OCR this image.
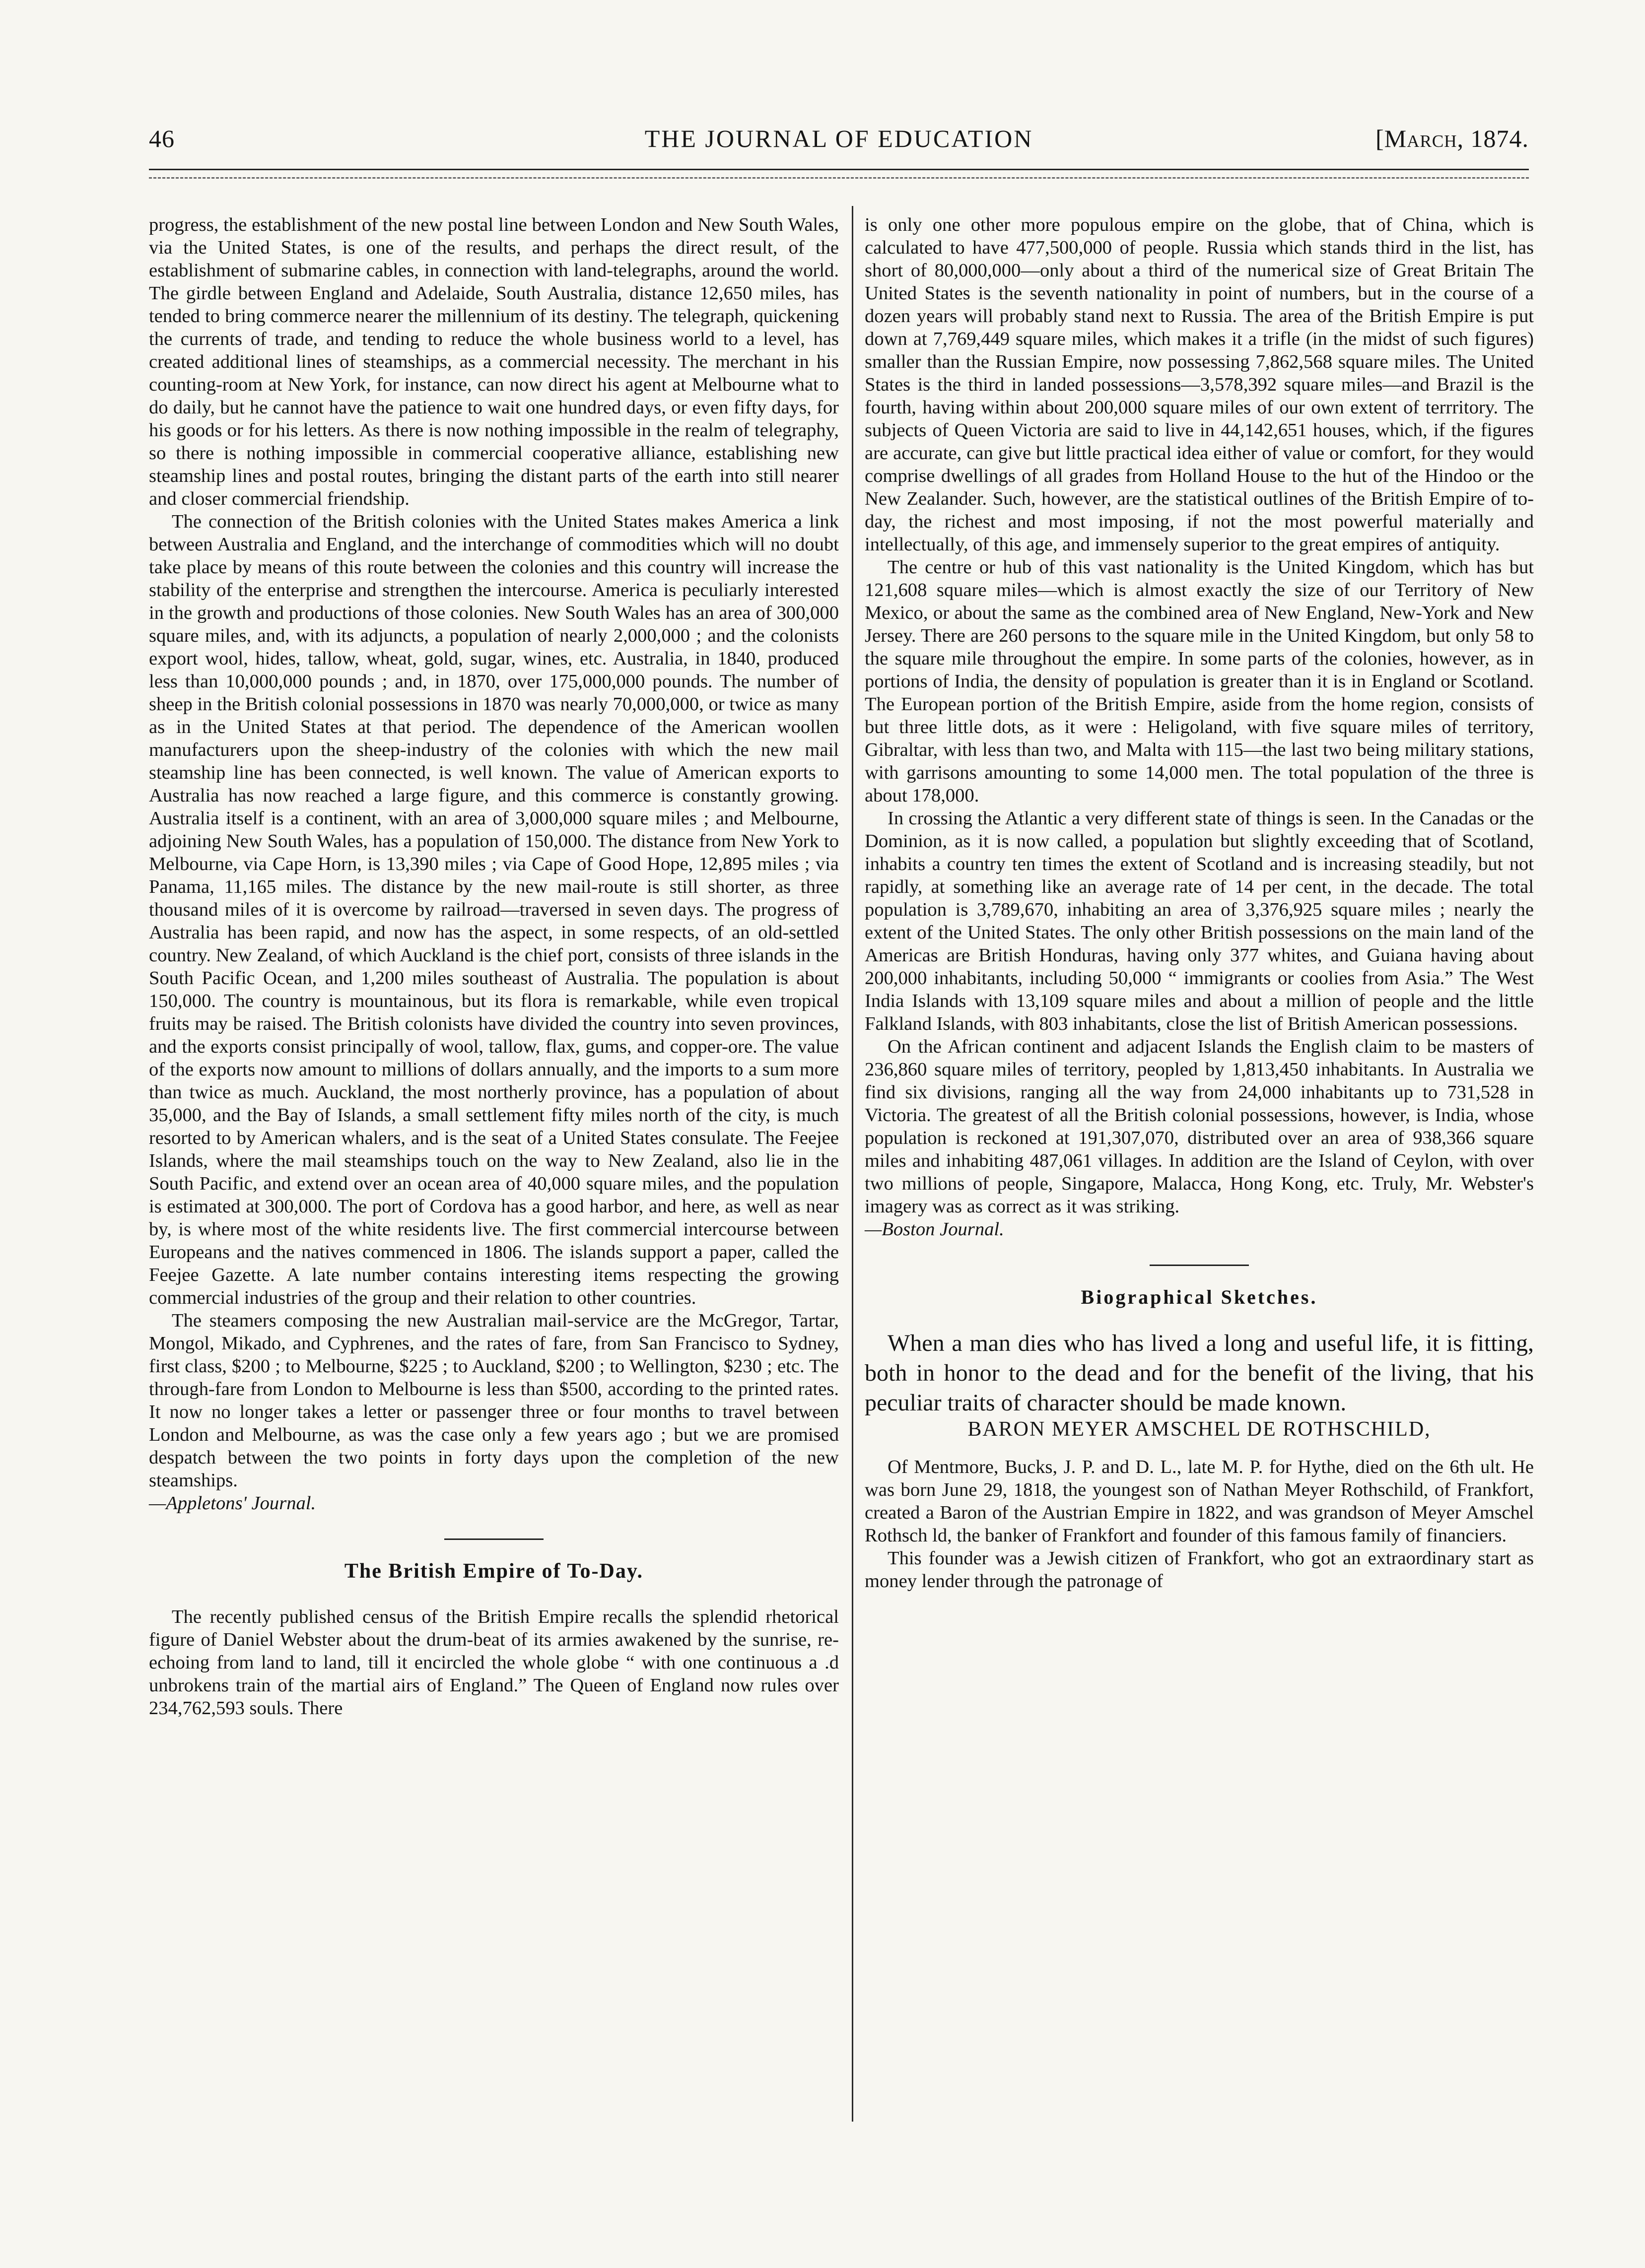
46	THE JOURNAL OF EDUCATION	[March, 1874.

progress, the establishment of the new postal line between London and New South Wales, via the United States, is one of the results, and perhaps the direct result, of the establishment of submarine cables, in connection with land-telegraphs, around the world. The girdle between England and Adelaide, South Australia, distance 12,650 miles, has tended to bring commerce nearer the millennium of its destiny. The telegraph, quickening the currents of trade, and tending to reduce the whole business world to a level, has created additional lines of steamships, as a commercial necessity. The merchant in his counting-room at New York, for instance, can now direct his agent at Melbourne what to do daily, but he cannot have the patience to wait one hundred days, or even fifty days, for his goods or for his letters. As there is now nothing impossible in the realm of telegraphy, so there is nothing impossible in commercial cooperative alliance, establishing new steamship lines and postal routes, bringing the distant parts of the earth into still nearer and closer commercial friendship.

The connection of the British colonies with the United States makes America a link between Australia and England, and the interchange of commodities which will no doubt take place by means of this route between the colonies and this country will increase the stability of the enterprise and strengthen the intercourse. America is peculiarly interested in the growth and productions of those colonies. New South Wales has an area of 300,000 square miles, and, with its adjuncts, a population of nearly 2,000,000 ; and the colonists export wool, hides, tallow, wheat, gold, sugar, wines, etc. Australia, in 1840, produced less than 10,000,000 pounds ; and, in 1870, over 175,000,000 pounds. The number of sheep in the British colonial possessions in 1870 was nearly 70,000,000, or twice as many as in the United States at that period. The dependence of the American woollen manufacturers upon the sheep-industry of the colonies with which the new mail steamship line has been connected, is well known. The value of American exports to Australia has now reached a large figure, and this commerce is constantly growing. Australia itself is a continent, with an area of 3,000,000 square miles ; and Melbourne, adjoining New South Wales, has a population of 150,000. The distance from New York to Melbourne, via Cape Horn, is 13,390 miles ; via Cape of Good Hope, 12,895 miles ; via Panama, 11,165 miles. The distance by the new mail-route is still shorter, as three thousand miles of it is overcome by railroad—traversed in seven days. The progress of Australia has been rapid, and now has the aspect, in some respects, of an old-settled country. New Zealand, of which Auckland is the chief port, consists of three islands in the South Pacific Ocean, and 1,200 miles southeast of Australia. The population is about 150,000. The country is mountainous, but its flora is remarkable, while even tropical fruits may be raised. The British colonists have divided the country into seven provinces, and the exports consist principally of wool, tallow, flax, gums, and copper-ore. The value of the exports now amount to millions of dollars annually, and the imports to a sum more than twice as much. Auckland, the most northerly province, has a population of about 35,000, and the Bay of Islands, a small settlement fifty miles north of the city, is much resorted to by American whalers, and is the seat of a United States consulate. The Feejee Islands, where the mail steamships touch on the way to New Zealand, also lie in the South Pacific, and extend over an ocean area of 40,000 square miles, and the population is estimated at 300,000. The port of Cordova has a good harbor, and here, as well as near by, is where most of the white residents live. The first commercial intercourse between Europeans and the natives commenced in 1806. The islands support a paper, called the Feejee Gazette. A late number contains interesting items respecting the growing commercial industries of the group and their relation to other countries.

The steamers composing the new Australian mail-service are the McGregor, Tartar, Mongol, Mikado, and Cyphrenes, and the rates of fare, from San Francisco to Sydney, first class, $200 ; to Melbourne, $225 ; to Auckland, $200 ; to Wellington, $230 ; etc. The through-fare from London to Melbourne is less than $500, according to the printed rates. It now no longer takes a letter or passenger three or four months to travel between London and Melbourne, as was the case only a few years ago ; but we are promised despatch between the two points in forty days upon the completion of the new steamships.

—Appletons' Journal.

The British Empire of To-Day.

The recently published census of the British Empire recalls the splendid rhetorical figure of Daniel Webster about the drum-beat of its armies awakened by the sunrise, re-echoing from land to land, till it encircled the whole globe “ with one continuous a .d unbrokens train of the martial airs of England.” The Queen of England now rules over 234,762,593 souls. There

is only one other more populous empire on the globe, that of China, which is calculated to have 477,500,000 of people. Russia which stands third in the list, has short of 80,000,000—only about a third of the numerical size of Great Britain The United States is the seventh nationality in point of numbers, but in the course of a dozen years will probably stand next to Russia. The area of the British Empire is put down at 7,769,449 square miles, which makes it a trifle (in the midst of such figures) smaller than the Russian Empire, now possessing 7,862,568 square miles. The United States is the third in landed possessions—3,578,392 square miles—and Brazil is the fourth, having within about 200,000 square miles of our own extent of terrritory. The subjects of Queen Victoria are said to live in 44,142,651 houses, which, if the figures are accurate, can give but little practical idea either of value or comfort, for they would comprise dwellings of all grades from Holland House to the hut of the Hindoo or the New Zealander. Such, however, are the statistical outlines of the British Empire of to-day, the richest and most imposing, if not the most powerful materially and intellectually, of this age, and immensely superior to the great empires of antiquity.

The centre or hub of this vast nationality is the United Kingdom, which has but 121,608 square miles—which is almost exactly the size of our Territory of New Mexico, or about the same as the combined area of New England, New-York and New Jersey. There are 260 persons to the square mile in the United Kingdom, but only 58 to the square mile throughout the empire. In some parts of the colonies, however, as in portions of India, the density of population is greater than it is in England or Scotland. The European portion of the British Empire, aside from the home region, consists of but three little dots, as it were : Heligoland, with five square miles of territory, Gibraltar, with less than two, and Malta with 115—the last two being military stations, with garrisons amounting to some 14,000 men. The total population of the three is about 178,000.

In crossing the Atlantic a very different state of things is seen. In the Canadas or the Dominion, as it is now called, a population but slightly exceeding that of Scotland, inhabits a country ten times the extent of Scotland and is increasing steadily, but not rapidly, at something like an average rate of 14 per cent, in the decade. The total population is 3,789,670, inhabiting an area of 3,376,925 square miles ; nearly the extent of the United States. The only other British possessions on the main land of the Americas are British Honduras, having only 377 whites, and Guiana having about 200,000 inhabitants, including 50,000 “ immigrants or coolies from Asia.” The West India Islands with 13,109 square miles and about a million of people and the little Falkland Islands, with 803 inhabitants, close the list of British American possessions.

On the African continent and adjacent Islands the English claim to be masters of 236,860 square miles of territory, peopled by 1,813,450 inhabitants. In Australia we find six divisions, ranging all the way from 24,000 inhabitants up to 731,528 in Victoria. The greatest of all the British colonial possessions, however, is India, whose population is reckoned at 191,307,070, distributed over an area of 938,366 square miles and inhabiting 487,061 villages. In addition are the Island of Ceylon, with over two millions of people, Singapore, Malacca, Hong Kong, etc. Truly, Mr. Webster's imagery was as correct as it was striking.

—Boston Journal.

Biographical Sketches.

When a man dies who has lived a long and useful life, it is fitting, both in honor to the dead and for the benefit of the living, that his peculiar traits of character should be made known.

BARON MEYER AMSCHEL DE ROTHSCHILD,

Of Mentmore, Bucks, J. P. and D. L., late M. P. for Hythe, died on the 6th ult. He was born June 29, 1818, the youngest son of Nathan Meyer Rothschild, of Frankfort, created a Baron of the Austrian Empire in 1822, and was grandson of Meyer Amschel Rothsch ld, the banker of Frankfort and founder of this famous family of financiers.

This founder was a Jewish citizen of Frankfort, who got an extraordinary start as money lender through the patronage of
